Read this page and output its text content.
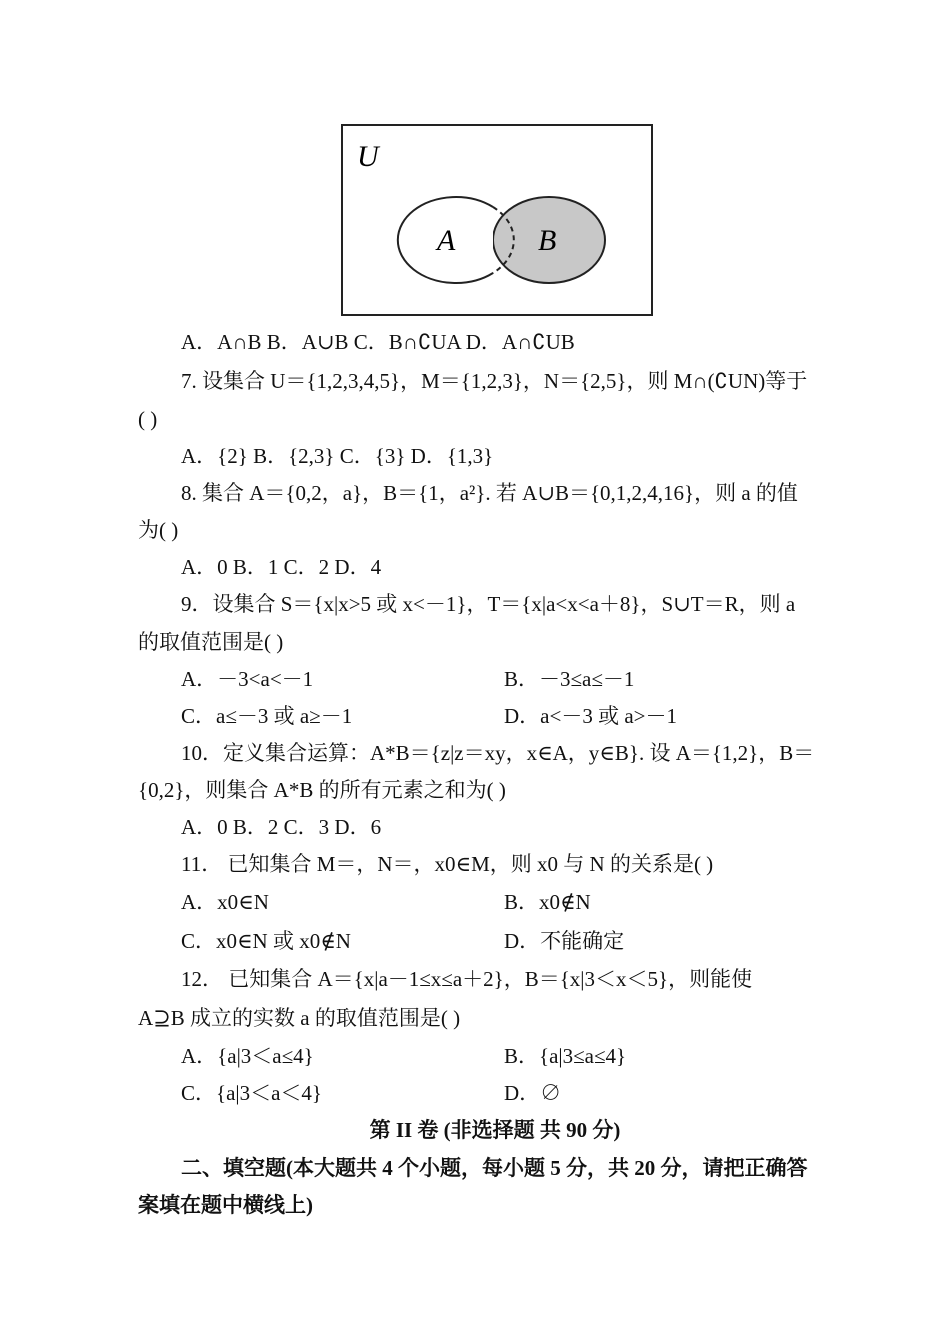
U
A	B
A．A∩B B．A∪B C．B∩∁UA D．A∩∁UB
7. 设集合 U＝{1,2,3,4,5}，M＝{1,2,3}，N＝{2,5}，则 M∩(∁UN)等于
( )
A．{2} B．{2,3} C．{3} D．{1,3}
8. 集合 A＝{0,2，a}，B＝{1，a²}. 若 A∪B＝{0,1,2,4,16}，则 a 的值
为( )
A．0 B．1 C．2 D．4
9．设集合 S＝{x|x>5 或 x<－1}，T＝{x|a<x<a＋8}，S∪T＝R，则 a
的取值范围是( )
A．－3<a<－1	B．－3≤a≤－1
C．a≤－3 或 a≥－1	D．a<－3 或 a>－1
10．定义集合运算：A*B＝{z|z＝xy，x∈A，y∈B}. 设 A＝{1,2}，B＝
{0,2}，则集合 A*B 的所有元素之和为( )
A．0 B．2 C．3 D．6
11． 已知集合 M＝，N＝，x0∈M，则 x0 与 N 的关系是( )
A．x0∈N	B．x0∉N
C．x0∈N 或 x0∉N	D．不能确定
12． 已知集合 A＝{x|a－1≤x≤a＋2}，B＝{x|3＜x＜5}，则能使
A⊇B 成立的实数 a 的取值范围是( )
A．{a|3＜a≤4}	B．{a|3≤a≤4}
C．{a|3＜a＜4}	D．∅
第 II 卷 (非选择题 共 90 分)
二、填空题(本大题共 4 个小题，每小题 5 分，共 20 分，请把正确答
案填在题中横线上)
